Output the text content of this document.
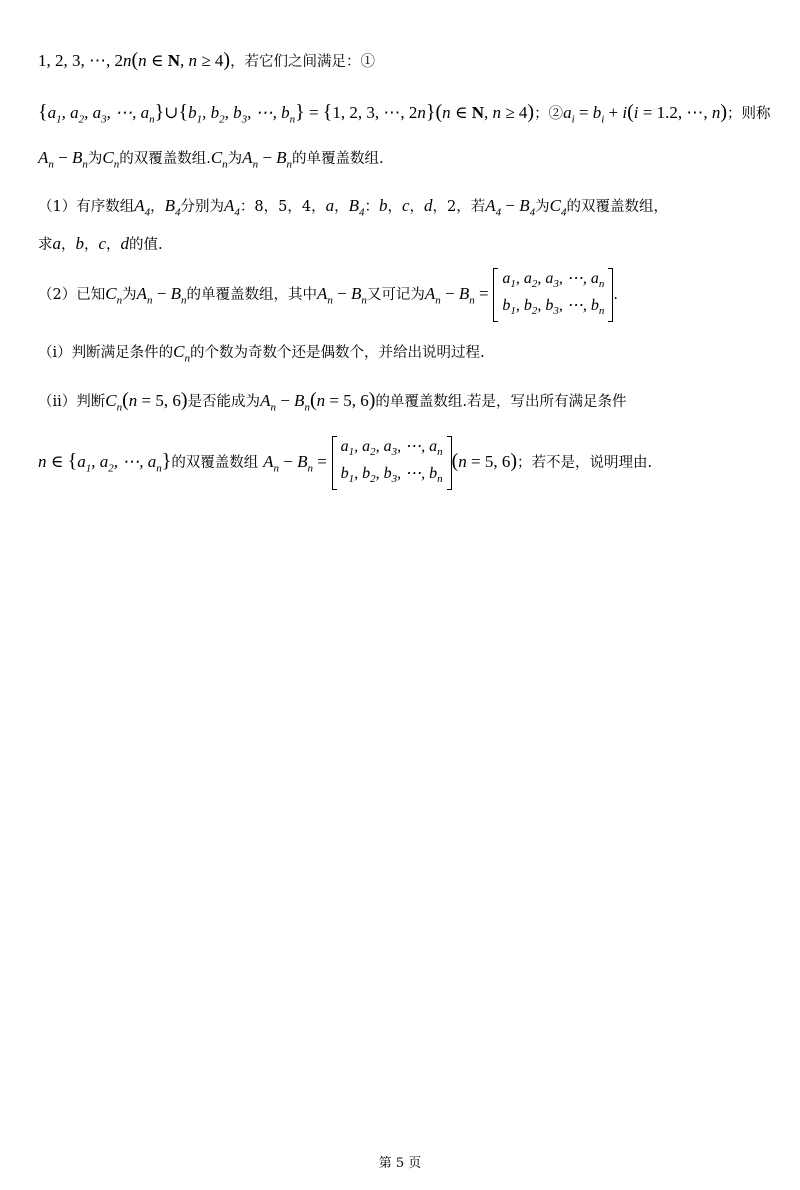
1, 2, 3, ⋯, 2n(n ∈ N, n ≥ 4)，若它们之间满足：①
{$a_1$, $a_2$, $a_3$, ⋯, $a_n\}\cup\{b_1$, $b_2$, $b_3$, ⋯, $b_n\} = \{1$, 2, 3, ⋯, 2n}(n ∈ N, n ≥ 4)；$②a_i = b_i + i(i = 1.2$, ⋯, n)；则称
$A_n - B_n$为$C_n$的双覆盖数组$.C_n$为$A_n - B_n$的单覆盖数组.
（1）有序数组$A_4$，$B_4$分别为$A_4$：8，5，4，a，$B_4$：b，c，d，2，若$A_4 - B_4$为$C_4$的双覆盖数组，
求a，b，c，d的值.
（2）已知$C_n$为$A_n - B_n$的单覆盖数组，其中$A_n - B_n$又可记为$A_n - B_n$ =
$a_1$, $a_2$, $a_3$, ⋯, $a_n$
$b_1$, $b_2$, $b_3$, ⋯, $b_n$.
（i）判断满足条件的$C_n$的个数为奇数个还是偶数个，并给出说明过程.
（ii）判断$C_n(n = 5$, 6)是否能成为$A_n - B_n(n = 5$, 6)的单覆盖数组.若是，写出所有满足条件
n ∈ {$a_1$, $a_2$, ⋯, $a_n$}的双覆盖数组 $A_n - B_n$ =
$a_1$, $a_2$, $a_3$, ⋯, $a_n$
$b_1$, $b_2$, $b_3$, ⋯, $b_n(n = 5$, 6)；若不是，说明理由.
第 5 页
